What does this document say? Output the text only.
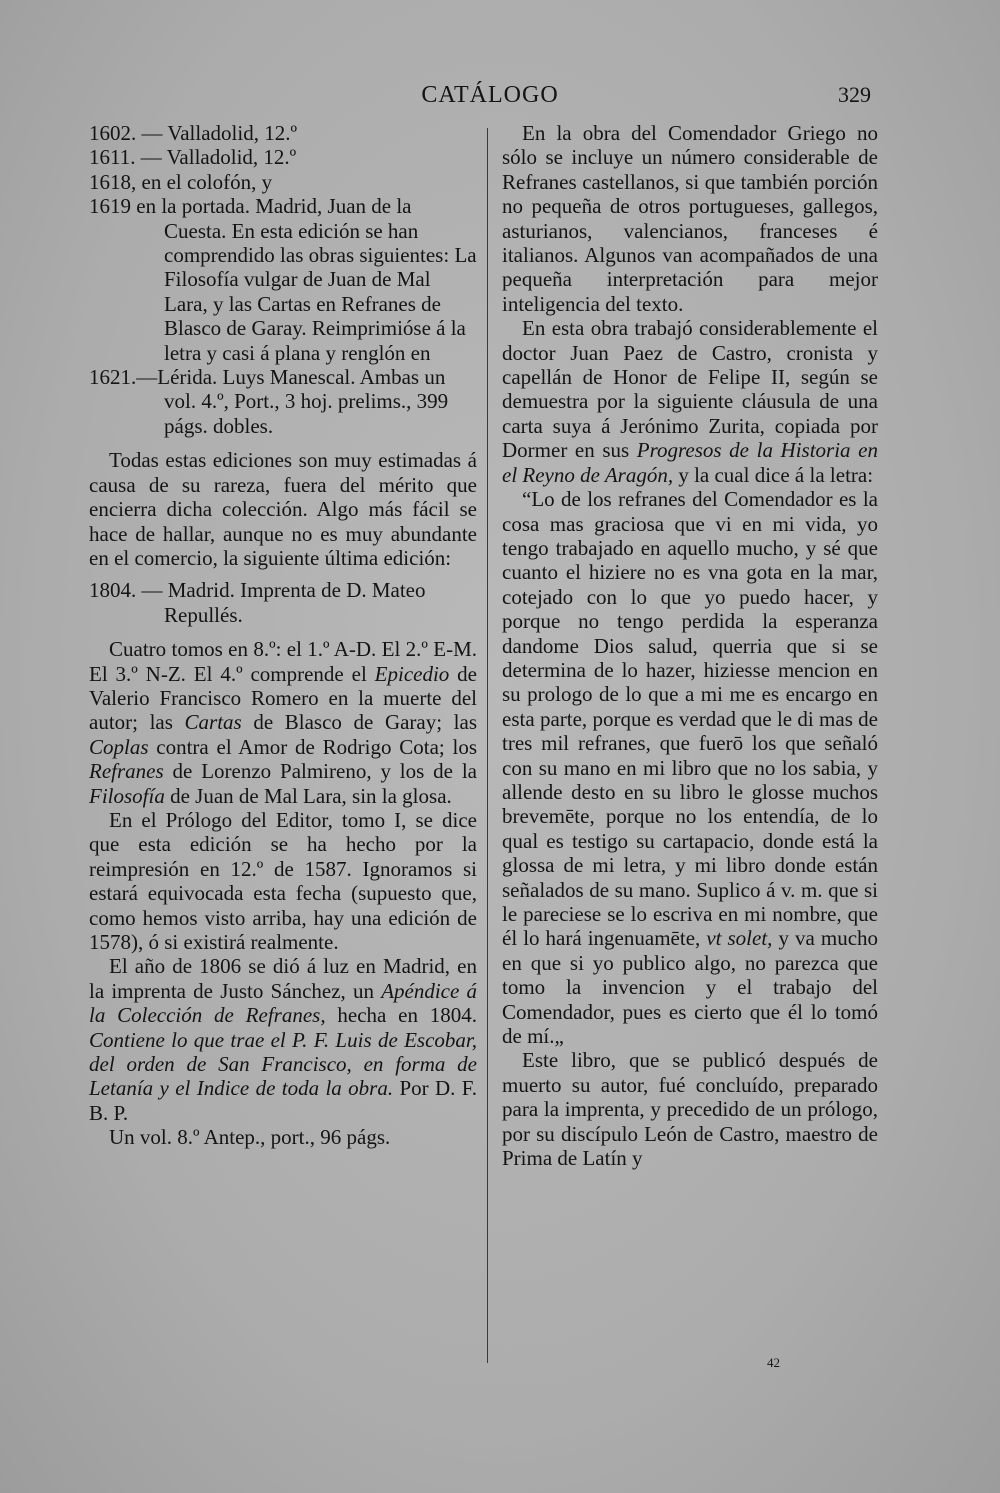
CATÁLOGO	329

1602. — Valladolid, 12.º

1611. — Valladolid, 12.º

1618, en el colofón, y

1619 en la portada. Madrid, Juan de la Cuesta. En esta edición se han comprendido las obras siguientes: La Filosofía vulgar de Juan de Mal Lara, y las Cartas en Refranes de Blasco de Garay. Reimprimióse á la letra y casi á plana y renglón en

1621.—Lérida. Luys Manescal. Ambas un vol. 4.º, Port., 3 hoj. prelims., 399 págs. dobles.

Todas estas ediciones son muy estimadas á causa de su rareza, fuera del mérito que encierra dicha colección. Algo más fácil se hace de hallar, aunque no es muy abundante en el comercio, la siguiente última edición:

1804. — Madrid. Imprenta de D. Mateo Repullés.

Cuatro tomos en 8.º: el 1.º A-D. El 2.º E-M. El 3.º N-Z. El 4.º comprende el Epicedio de Valerio Francisco Romero en la muerte del autor; las Cartas de Blasco de Garay; las Coplas contra el Amor de Rodrigo Cota; los Refranes de Lorenzo Palmireno, y los de la Filosofía de Juan de Mal Lara, sin la glosa.

En el Prólogo del Editor, tomo I, se dice que esta edición se ha hecho por la reimpresión en 12.º de 1587. Ignoramos si estará equivocada esta fecha (supuesto que, como hemos visto arriba, hay una edición de 1578), ó si existirá realmente.

El año de 1806 se dió á luz en Madrid, en la imprenta de Justo Sánchez, un Apéndice á la Colección de Refranes, hecha en 1804. Contiene lo que trae el P. F. Luis de Escobar, del orden de San Francisco, en forma de Letanía y el Indice de toda la obra. Por D. F. B. P.

Un vol. 8.º Antep., port., 96 págs.

En la obra del Comendador Griego no sólo se incluye un número considerable de Refranes castellanos, si que también porción no pequeña de otros portugueses, gallegos, asturianos, valencianos, franceses é italianos. Algunos van acompañados de una pequeña interpretación para mejor inteligencia del texto.

En esta obra trabajó considerablemente el doctor Juan Paez de Castro, cronista y capellán de Honor de Felipe II, según se demuestra por la siguiente cláusula de una carta suya á Jerónimo Zurita, copiada por Dormer en sus Progresos de la Historia en el Reyno de Aragón, y la cual dice á la letra:

“Lo de los refranes del Comendador es la cosa mas graciosa que vi en mi vida, yo tengo trabajado en aquello mucho, y sé que cuanto el hiziere no es vna gota en la mar, cotejado con lo que yo puedo hacer, y porque no tengo perdida la esperanza dandome Dios salud, querria que si se determina de lo hazer, hiziesse mencion en su prologo de lo que a mi me es encargo en esta parte, porque es verdad que le di mas de tres mil refranes, que fuerō los que señaló con su mano en mi libro que no los sabia, y allende desto en su libro le glosse muchos brevemēte, porque no los entendía, de lo qual es testigo su cartapacio, donde está la glossa de mi letra, y mi libro donde están señalados de su mano. Suplico á v. m. que si le pareciese se lo escriva en mi nombre, que él lo hará ingenuamēte, vt solet, y va mucho en que si yo publico algo, no parezca que tomo la invencion y el trabajo del Comendador, pues es cierto que él lo tomó de mí.„

Este libro, que se publicó después de muerto su autor, fué concluído, preparado para la imprenta, y precedido de un prólogo, por su discípulo León de Castro, maestro de Prima de Latín y

42
